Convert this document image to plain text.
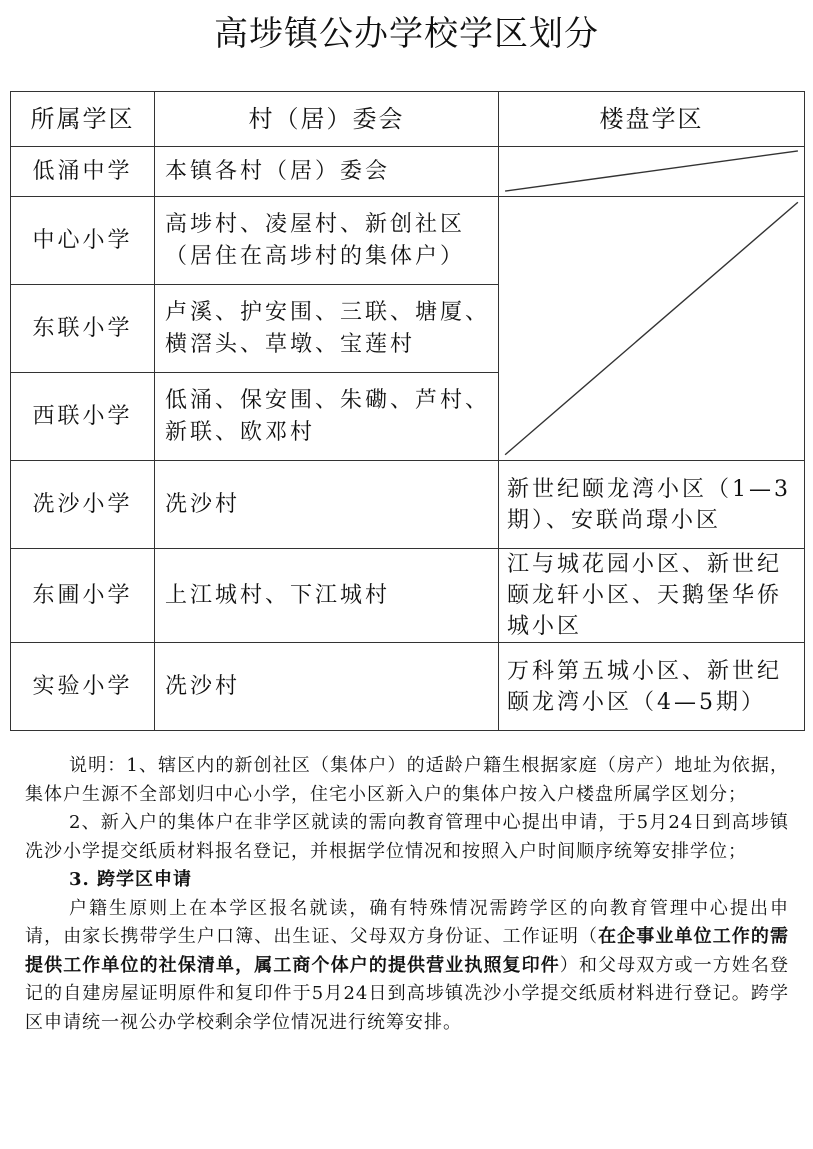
高埗镇公办学校学区划分
所属学区	村（居）委会	楼盘学区
低涌中学	本镇各村（居）委会	

中心小学	高埗村、凌屋村、新创社区（居住在高埗村的集体户）	

东联小学	卢溪、护安围、三联、塘厦、横滘头、草墩、宝莲村	
西联小学	低涌、保安围、朱磡、芦村、新联、欧邓村	
冼沙小学	冼沙村	新世纪颐龙湾小区（1—3期）、安联尚璟小区
东圃小学	上江城村、下江城村	江与城花园小区、新世纪颐龙轩小区、天鹅堡华侨城小区
实验小学	冼沙村	万科第五城小区、新世纪颐龙湾小区（4—5期）

说明：1、辖区内的新创社区（集体户）的适龄户籍生根据家庭（房产）地址为依据，集体户生源不全部划归中心小学，住宅小区新入户的集体户按入户楼盘所属学区划分；

2、新入户的集体户在非学区就读的需向教育管理中心提出申请，于5月24日到高埗镇冼沙小学提交纸质材料报名登记，并根据学位情况和按照入户时间顺序统筹安排学位；

3. 跨学区申请

户籍生原则上在本学区报名就读，确有特殊情况需跨学区的向教育管理中心提出申请，由家长携带学生户口簿、出生证、父母双方身份证、工作证明（在企事业单位工作的需提供工作单位的社保清单，属工商个体户的提供营业执照复印件）和父母双方或一方姓名登记的自建房屋证明原件和复印件于5月24日到高埗镇冼沙小学提交纸质材料进行登记。跨学区申请统一视公办学校剩余学位情况进行统筹安排。
